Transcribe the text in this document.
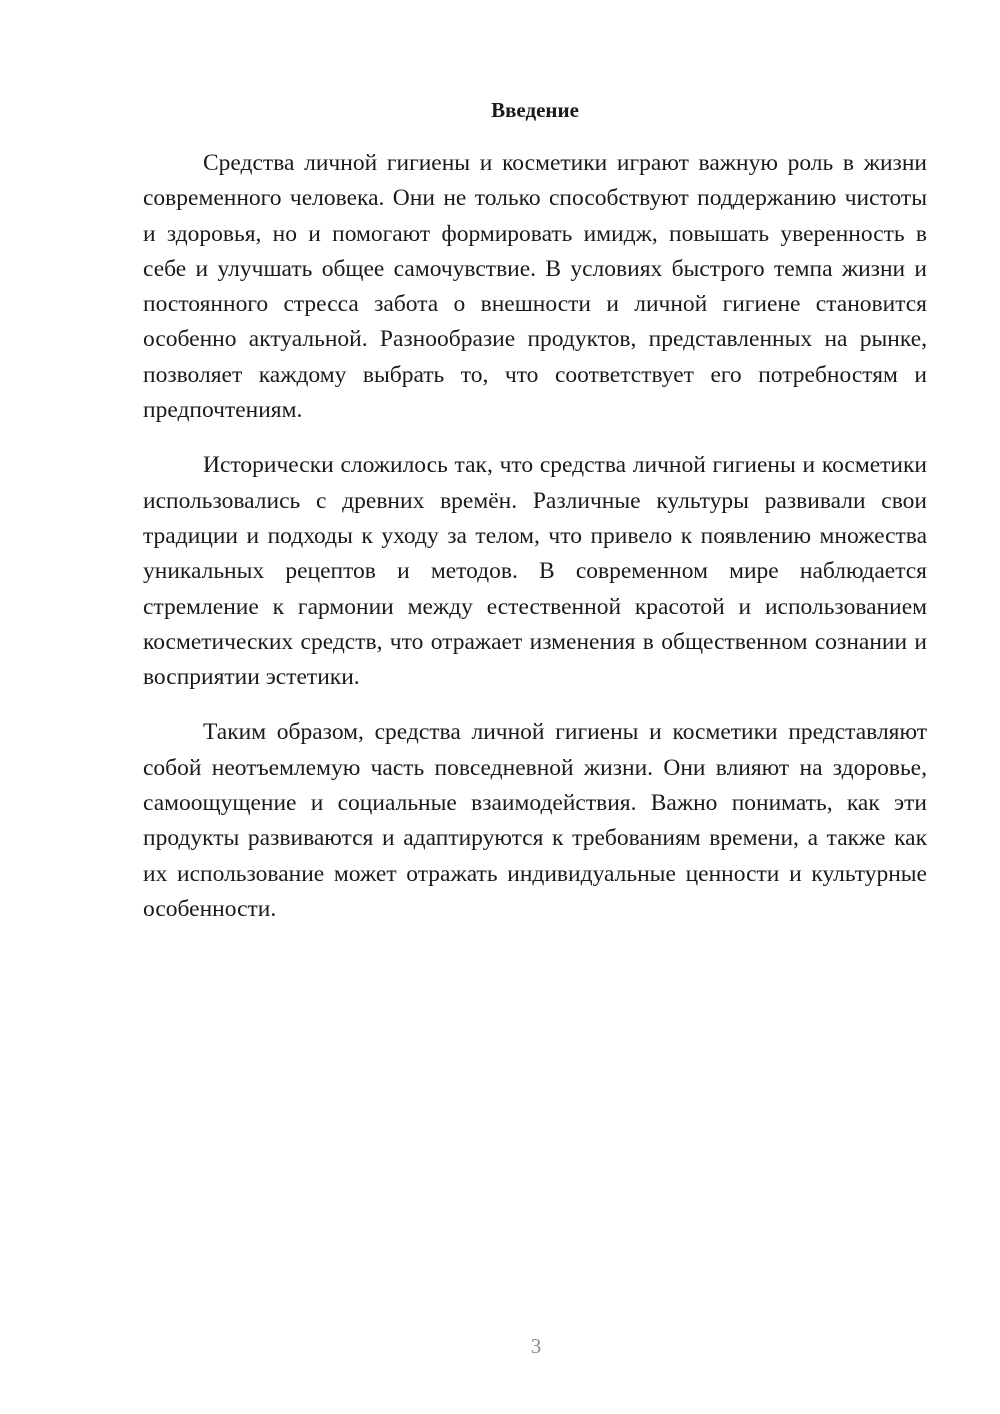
Введение

Средства личной гигиены и косметики играют важную роль в жизни современного человека. Они не только способствуют поддержанию чистоты и здоровья, но и помогают формировать имидж, повышать уверенность в себе и улучшать общее самочувствие. В условиях быстрого темпа жизни и постоянного стресса забота о внешности и личной гигиене становится особенно актуальной. Разнообразие продуктов, представленных на рынке, позволяет каждому выбрать то, что соответствует его потребностям и предпочтениям.

Исторически сложилось так, что средства личной гигиены и косметики использовались с древних времён. Различные культуры развивали свои традиции и подходы к уходу за телом, что привело к появлению множества уникальных рецептов и методов. В современном мире наблюдается стремление к гармонии между естественной красотой и использованием косметических средств, что отражает изменения в общественном сознании и восприятии эстетики.

Таким образом, средства личной гигиены и косметики представляют собой неотъемлемую часть повседневной жизни. Они влияют на здоровье, самоощущение и социальные взаимодействия. Важно понимать, как эти продукты развиваются и адаптируются к требованиям времени, а также как их использование может отражать индивидуальные ценности и культурные особенности.

3
